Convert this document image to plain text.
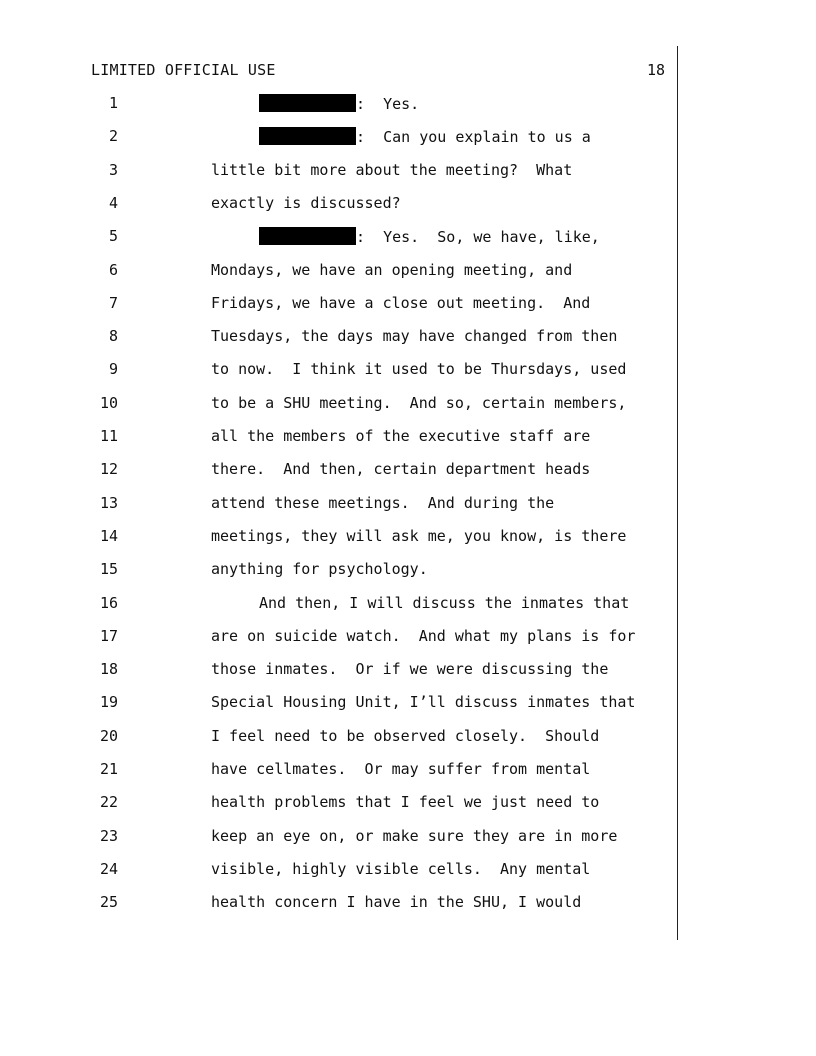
LIMITED OFFICIAL USE	18
1	:  Yes.
2	:  Can you explain to us a
3	little bit more about the meeting?  What
4	exactly is discussed?
5	:  Yes.  So, we have, like,
6	Mondays, we have an opening meeting, and
7	Fridays, we have a close out meeting.  And
8	Tuesdays, the days may have changed from then
9	to now.  I think it used to be Thursdays, used
10	to be a SHU meeting.  And so, certain members,
11	all the members of the executive staff are
12	there.  And then, certain department heads
13	attend these meetings.  And during the
14	meetings, they will ask me, you know, is there
15	anything for psychology.
16	And then, I will discuss the inmates that
17	are on suicide watch.  And what my plans is for
18	those inmates.  Or if we were discussing the
19	Special Housing Unit, I’ll discuss inmates that
20	I feel need to be observed closely.  Should
21	have cellmates.  Or may suffer from mental
22	health problems that I feel we just need to
23	keep an eye on, or make sure they are in more
24	visible, highly visible cells.  Any mental
25	health concern I have in the SHU, I would
